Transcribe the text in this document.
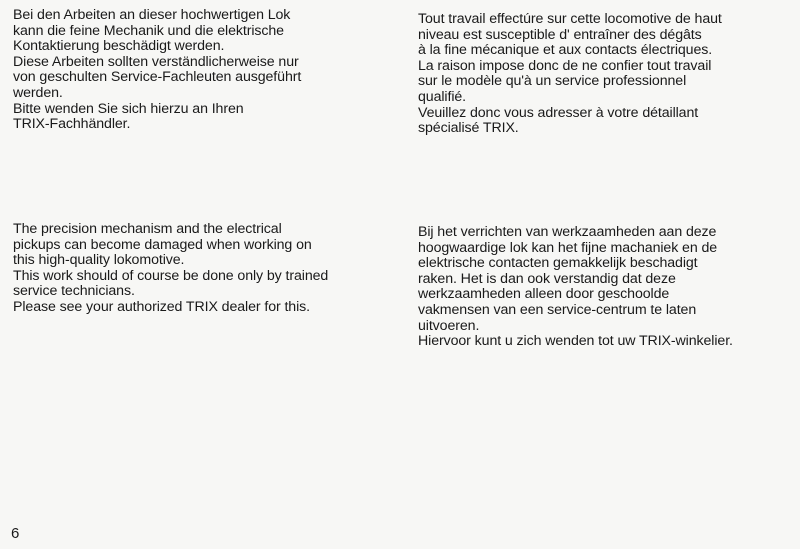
Bei den Arbeiten an dieser hochwertigen Lok
kann die feine Mechanik und die elektrische
Kontaktierung beschädigt werden.
Diese Arbeiten sollten verständlicherweise nur
von geschulten Service-Fachleuten ausgeführt
werden.
Bitte wenden Sie sich hierzu an Ihren
TRIX-Fachhändler.
Tout travail effectúre sur cette locomotive de haut
niveau est susceptible d' entraîner des dégâts
à la fine mécanique et aux contacts électriques.
La raison impose donc de ne confier tout travail
sur le modèle qu'à un service professionnel
qualifié.
Veuillez donc vous adresser à votre détaillant
spécialisé TRIX.
The precision mechanism and the electrical
pickups can become damaged when working on
this high-quality lokomotive.
This work should of course be done only by trained
service technicians.
Please see your authorized TRIX dealer for this.
Bij het verrichten van werkzaamheden aan deze
hoogwaardige lok kan het fijne machaniek en de
elektrische contacten gemakkelijk beschadigt
raken. Het is dan ook verstandig dat deze
werkzaamheden alleen door geschoolde
vakmensen van een service-centrum te laten
uitvoeren.
Hiervoor kunt u zich wenden tot uw TRIX-winkelier.
6
